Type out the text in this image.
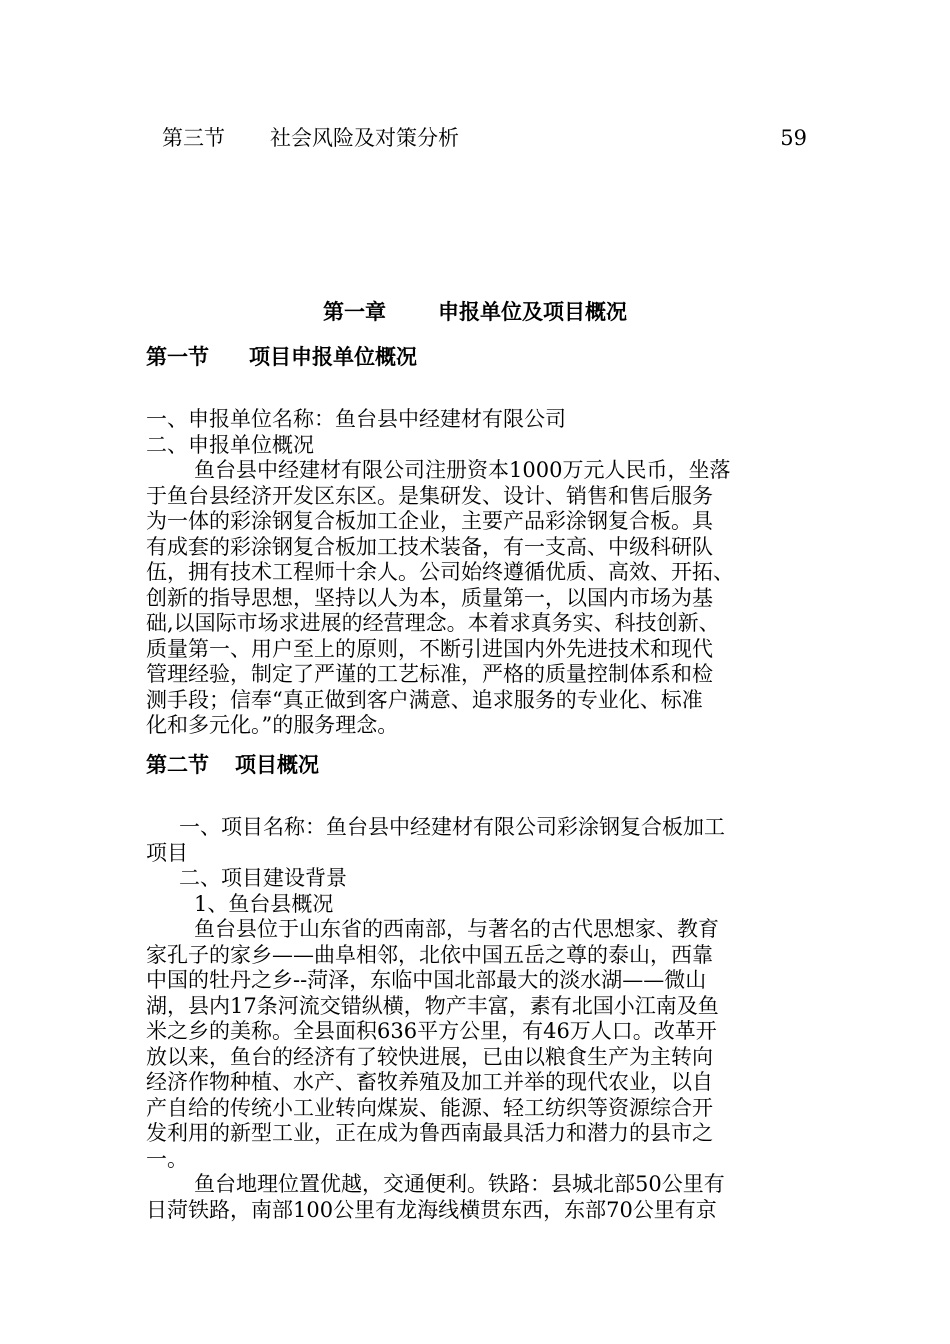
第三节 社会风险及对策分析	59
第一章 申报单位及项目概况
第一节 项目申报单位概况

一、申报单位名称：鱼台县中经建材有限公司

二、申报单位概况

鱼台县中经建材有限公司注册资本1000万元人民币，坐落

于鱼台县经济开发区东区。是集研发、设计、销售和售后服务

为一体的彩涂钢复合板加工企业，主要产品彩涂钢复合板。具

有成套的彩涂钢复合板加工技术装备，有一支高、中级科研队

伍，拥有技术工程师十余人。公司始终遵循优质、高效、开拓、

创新的指导思想，坚持以人为本，质量第一，以国内市场为基

础,以国际市场求进展的经营理念。本着求真务实、科技创新、

质量第一、用户至上的原则，不断引进国内外先进技术和现代

管理经验，制定了严谨的工艺标准，严格的质量控制体系和检

测手段；信奉“真正做到客户满意、追求服务的专业化、标准

化和多元化。”的服务理念。

第二节 项目概况

一、项目名称：鱼台县中经建材有限公司彩涂钢复合板加工

项目

二、项目建设背景

1、鱼台县概况

鱼台县位于山东省的西南部，与著名的古代思想家、教育

家孔子的家乡——曲阜相邻，北依中国五岳之尊的泰山，西靠

中国的牡丹之乡--菏泽，东临中国北部最大的淡水湖——微山

湖，县内17条河流交错纵横，物产丰富，素有北国小江南及鱼

米之乡的美称。全县面积636平方公里，有46万人口。改革开

放以来，鱼台的经济有了较快进展，已由以粮食生产为主转向

经济作物种植、水产、畜牧养殖及加工并举的现代农业，以自

产自给的传统小工业转向煤炭、能源、轻工纺织等资源综合开

发利用的新型工业，正在成为鲁西南最具活力和潜力的县市之

一。

鱼台地理位置优越，交通便利。铁路：县城北部50公里有

日菏铁路，南部100公里有龙海线横贯东西，东部70公里有京
